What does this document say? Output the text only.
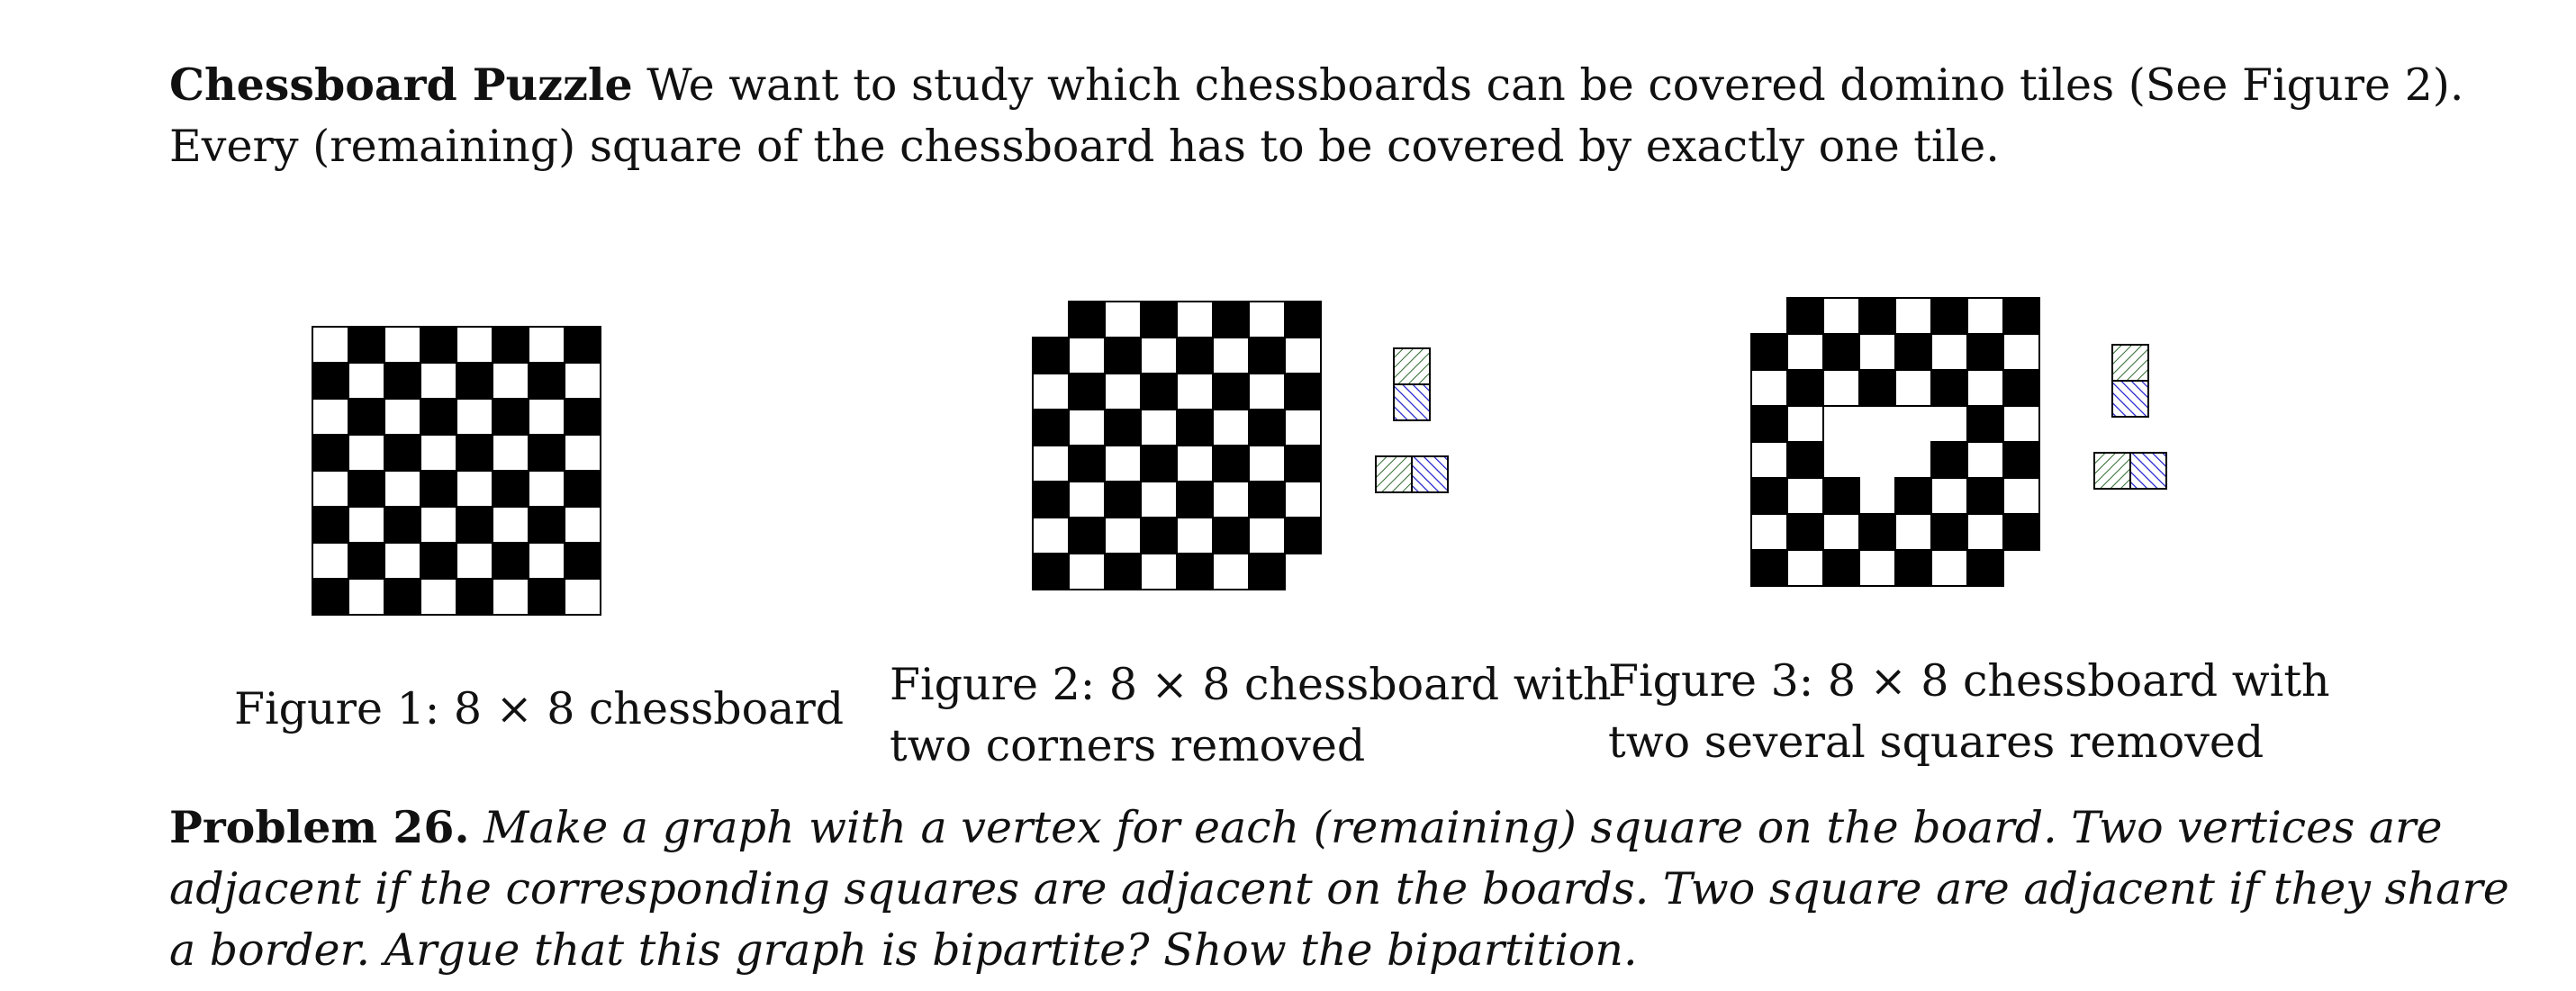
Chessboard Puzzle We want to study which chessboards can be covered domino tiles (See Figure 2).
Every (remaining) square of the chessboard has to be covered by exactly one tile.
Figure 1: 8 × 8 chessboard Figure 2: 8 × 8 chessboard with
two corners removed
Figure 3: 8 × 8 chessboard with
two several squares removed
Problem 26. Make a graph with a vertex for each (remaining) square on the board. Two vertices are
adjacent if the corresponding squares are adjacent on the boards. Two square are adjacent if they share
a border. Argue that this graph is bipartite? Show the bipartition.
